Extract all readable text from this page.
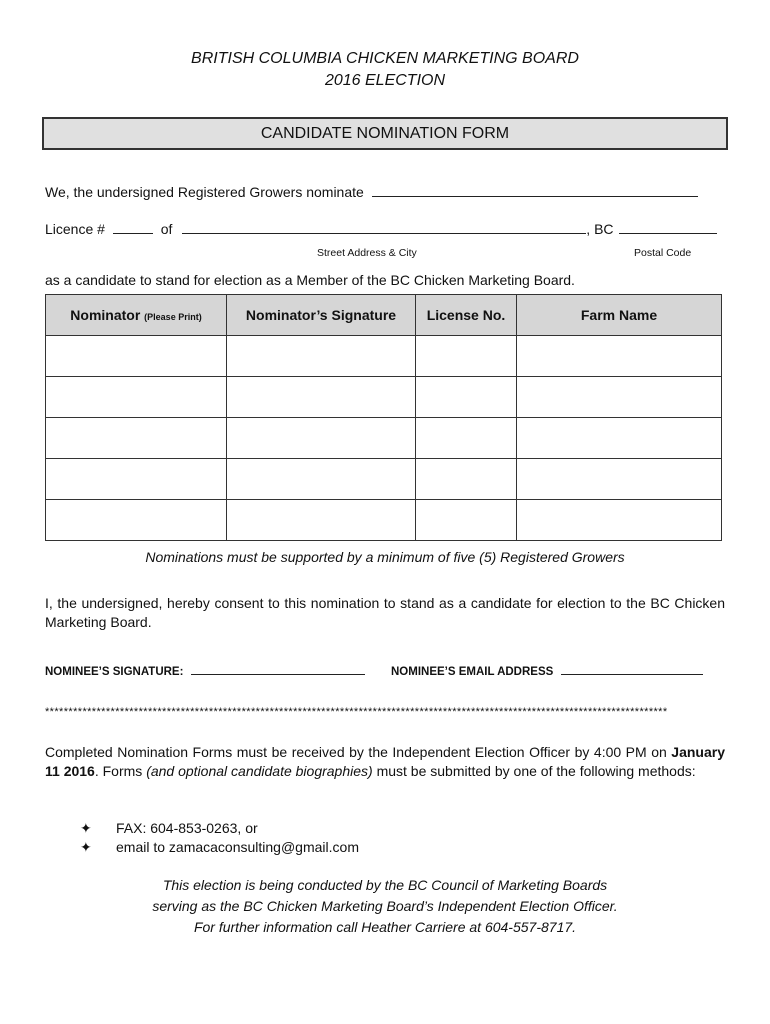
BRITISH COLUMBIA CHICKEN MARKETING BOARD
2016 ELECTION
CANDIDATE NOMINATION FORM
We, the undersigned Registered Growers nominate
Licence #	of	, BC
Street Address & City	Postal Code
as a candidate to stand for election as a Member of the BC Chicken Marketing Board.
Nominator (Please Print)	Nominator’s Signature	License No.	Farm Name

Nominations must be supported by a minimum of five (5) Registered Growers
I, the undersigned, hereby consent to this nomination to stand as a candidate for election to the BC Chicken Marketing Board.
NOMINEE’S SIGNATURE:	NOMINEE’S EMAIL ADDRESS
*************************************************************************************************************************************
Completed Nomination Forms must be received by the Independent Election Officer by 4:00 PM on January 11 2016. Forms (and optional candidate biographies) must be submitted by one of the following methods:
✦ FAX: 604-853-0263, or
✦ email to zamacaconsulting@gmail.com
This election is being conducted by the BC Council of Marketing Boards
serving as the BC Chicken Marketing Board’s Independent Election Officer.
For further information call Heather Carriere at 604-557-8717.
